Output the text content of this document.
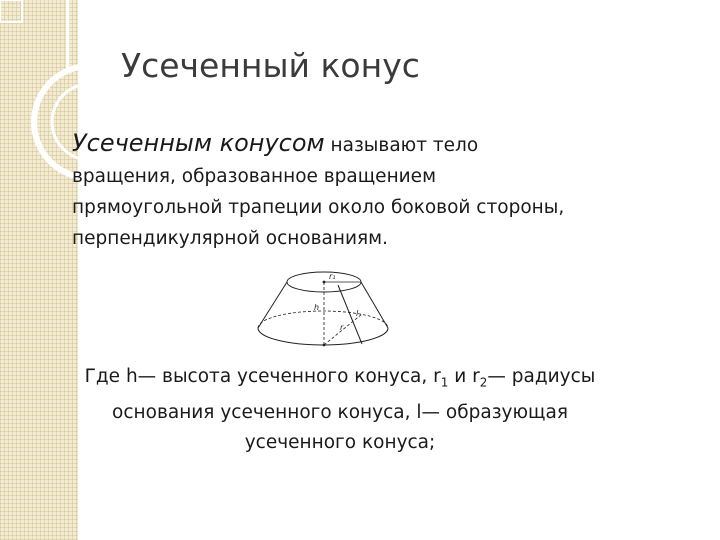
Усеченный конус
Усеченным конусом называют тело
вращения, образованное вращением
прямоугольной трапеции около боковой стороны,
перпендикулярной основаниям.
r₁
h
r
l
Где h— высота усеченного конуса, $r_1$ и $r_2—$ радиусы основания усеченного конуса, l— образующая усеченного конуса;
